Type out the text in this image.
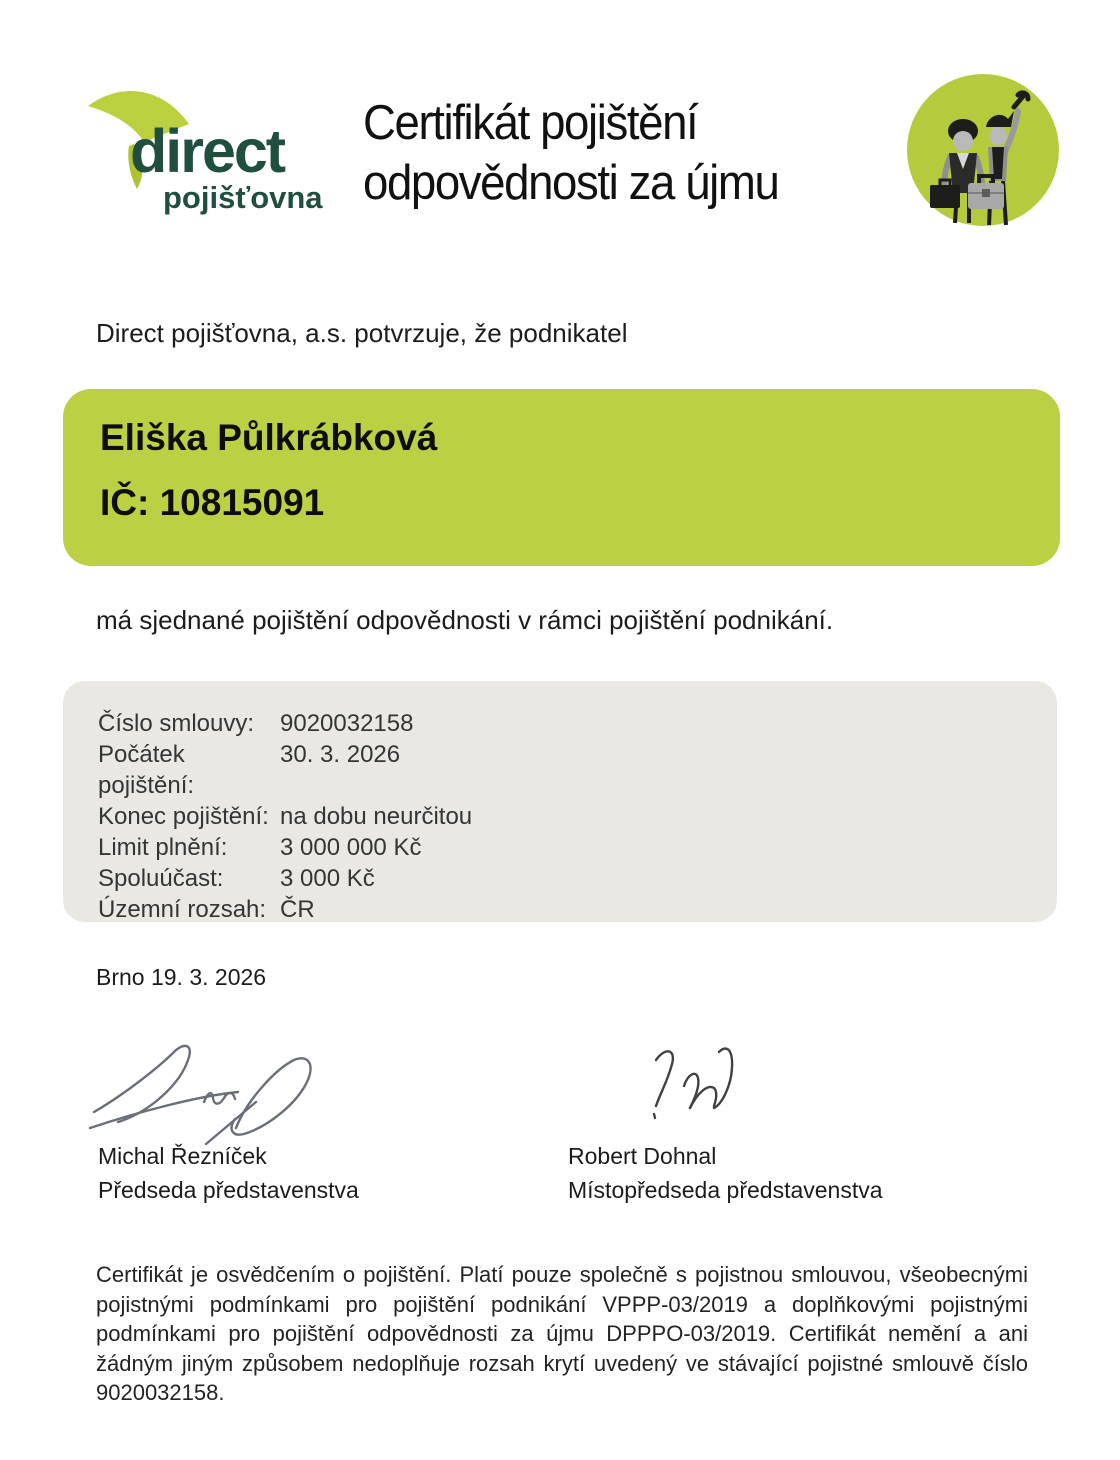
direct
pojišťovna
Certifikát pojištění
odpovědnosti za újmu
Direct pojišťovna, a.s. potvrzuje, že podnikatel
Eliška Půlkrábková
IČ: 10815091
má sjednané pojištění odpovědnosti v rámci pojištění podnikání.
Číslo smlouvy:	9020032158
Počátek pojištění:
30. 3. 2026
Konec pojištění: na dobu neurčitou
Limit plnění:	3 000 000 Kč
Spoluúčast:	3 000 Kč
Územní rozsah: ČR
Brno 19. 3. 2026
Michal Řezníček
Předseda představenstva
Robert Dohnal
Místopředseda představenstva
Certifikát je osvědčením o pojištění. Platí pouze společně s pojistnou smlouvou, všeobecnými pojistnými podmínkami pro pojištění podnikání VPPP-03/2019 a doplňkovými pojistnými podmínkami pro pojištění odpovědnosti za újmu DPPPO-03/2019. Certifikát nemění a ani žádným jiným způsobem nedoplňuje rozsah krytí uvedený ve stávající pojistné smlouvě číslo 9020032158.
